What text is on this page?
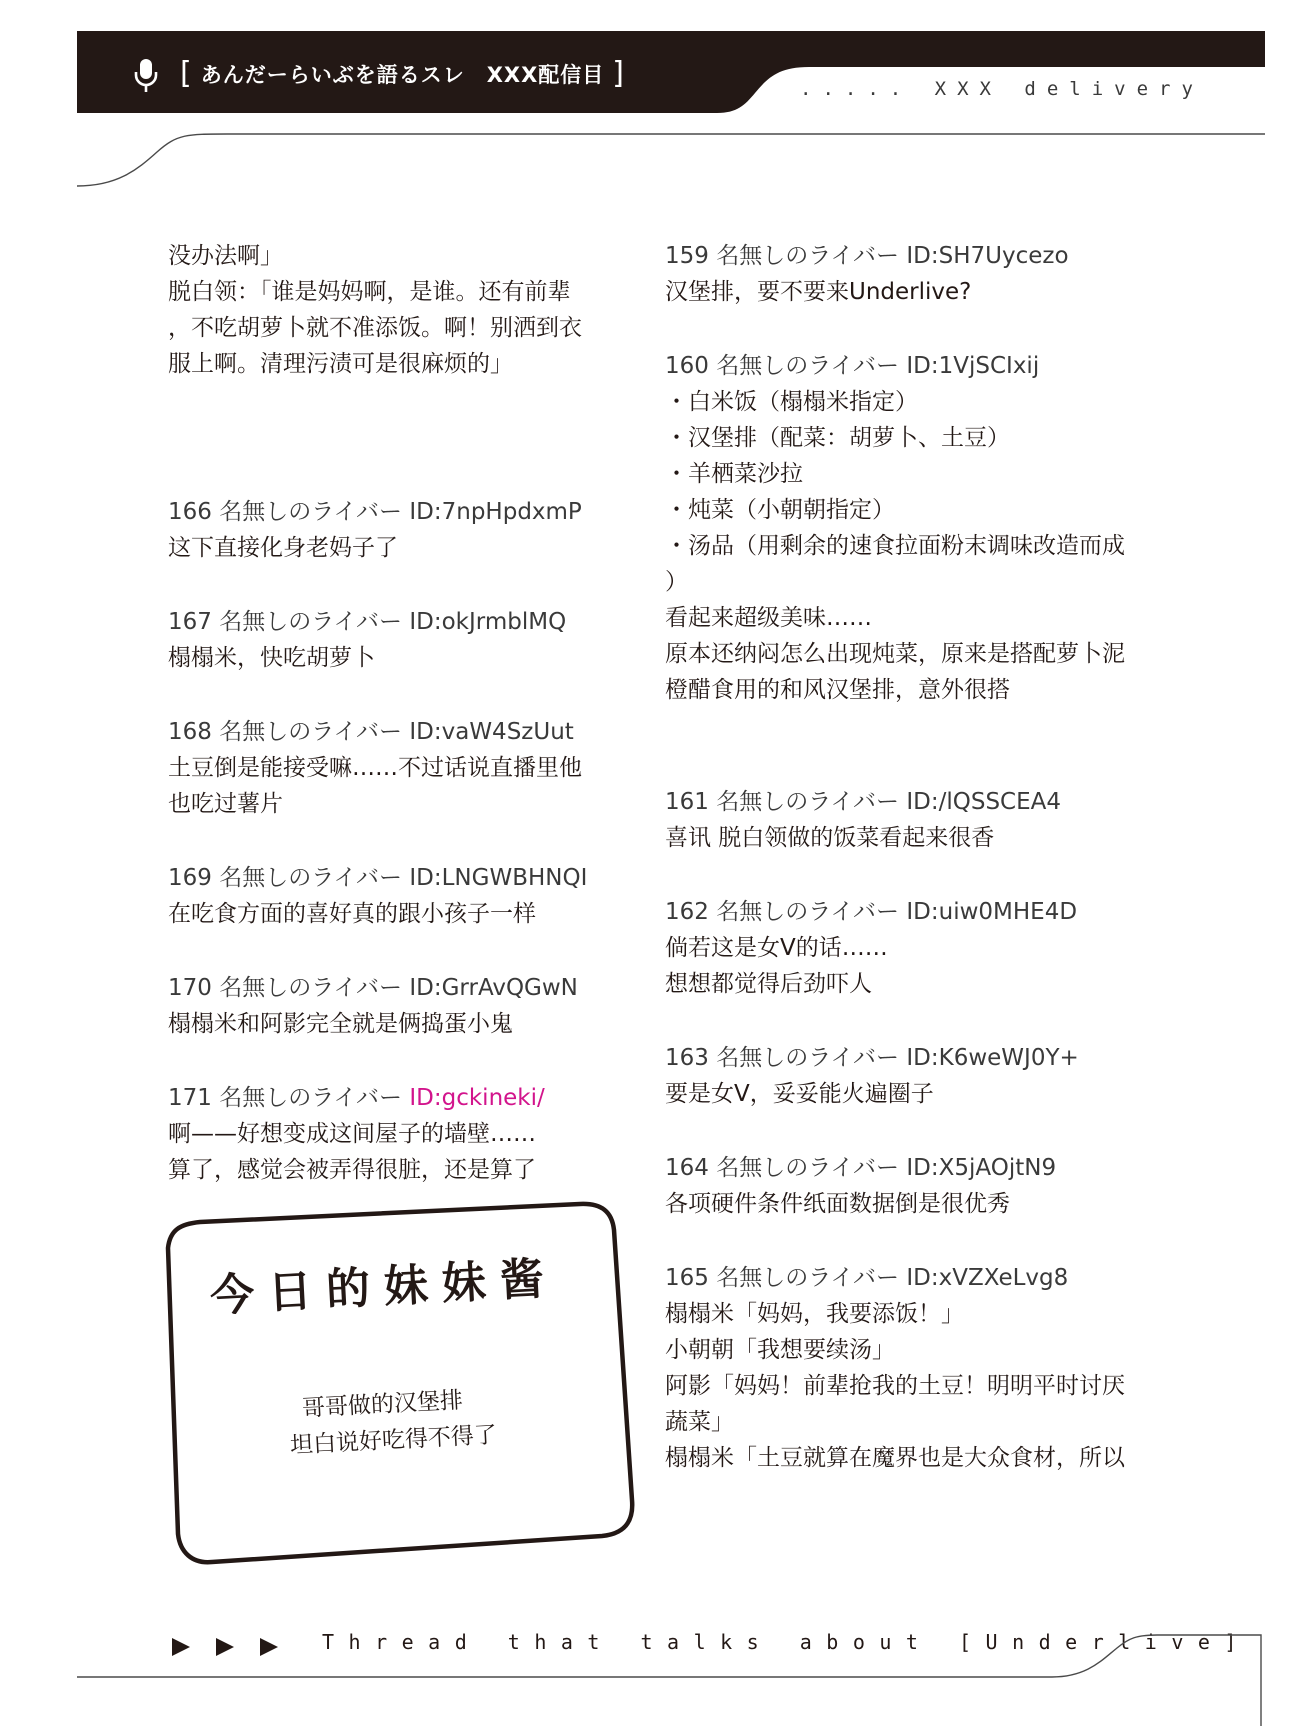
[ あんだーらいぶを語るスレ　XXX配信目 ]	..... XXX delivery

没办法啊」

脱白领：「谁是妈妈啊，是谁。还有前辈

，不吃胡萝卜就不准添饭。啊！别洒到衣

服上啊。清理污渍可是很麻烦的」

166 名無しのライバー ID:7npHpdxmP

这下直接化身老妈子了

167 名無しのライバー ID:okJrmblMQ

榻榻米，快吃胡萝卜

168 名無しのライバー ID:vaW4SzUut

土豆倒是能接受嘛……不过话说直播里他

也吃过薯片

169 名無しのライバー ID:LNGWBHNQI

在吃食方面的喜好真的跟小孩子一样

170 名無しのライバー ID:GrrAvQGwN

榻榻米和阿影完全就是俩捣蛋小鬼

171 名無しのライバー ID:gckineki/

啊——好想变成这间屋子的墙壁……

算了，感觉会被弄得很脏，还是算了

159 名無しのライバー ID:SH7Uycezo

汉堡排，要不要来Underlive?

160 名無しのライバー ID:1VjSCIxij

・白米饭（榻榻米指定）

・汉堡排（配菜：胡萝卜、土豆）

・羊栖菜沙拉

・炖菜（小朝朝指定）

・汤品（用剩余的速食拉面粉末调味改造而成

）

看起来超级美味……

原本还纳闷怎么出现炖菜，原来是搭配萝卜泥

橙醋食用的和风汉堡排，意外很搭

161 名無しのライバー ID:/lQSSCEA4

喜讯 脱白领做的饭菜看起来很香

162 名無しのライバー ID:uiw0MHE4D

倘若这是女V的话……

想想都觉得后劲吓人

163 名無しのライバー ID:K6weWJ0Y+

要是女V，妥妥能火遍圈子

164 名無しのライバー ID:X5jAOjtN9

各项硬件条件纸面数据倒是很优秀

165 名無しのライバー ID:xVZXeLvg8

榻榻米「妈妈，我要添饭！」

小朝朝「我想要续汤」

阿影「妈妈！前辈抢我的土豆！明明平时讨厌

蔬菜」

榻榻米「土豆就算在魔界也是大众食材，所以

今日的妹妹酱
哥哥做的汉堡排
坦白说好吃得不得了
Thread that talks about [Underlive]
